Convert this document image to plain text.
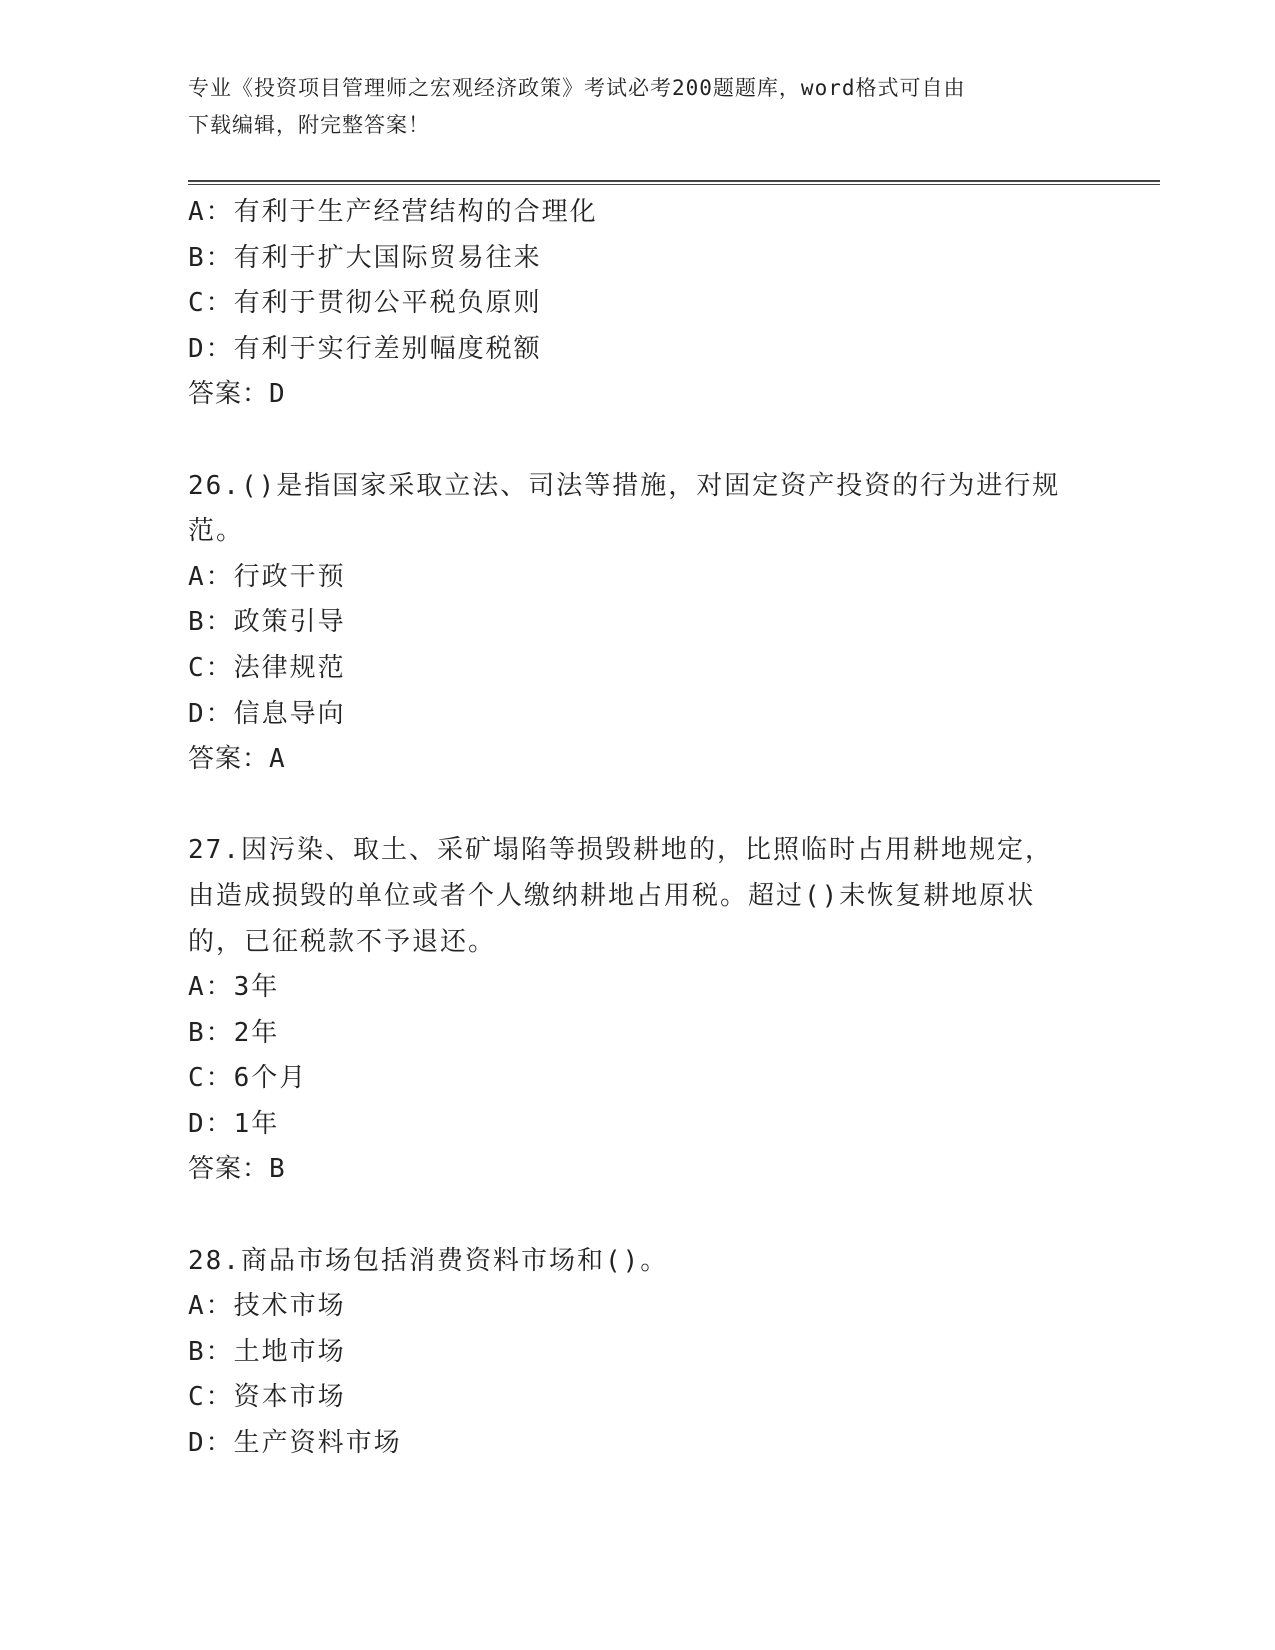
专业《投资项目管理师之宏观经济政策》考试必考200题题库，word格式可自由
下载编辑，附完整答案！
A：有利于生产经营结构的合理化
B：有利于扩大国际贸易往来
C：有利于贯彻公平税负原则
D：有利于实行差别幅度税额
答案：D
26.()是指国家采取立法、司法等措施，对固定资产投资的行为进行规
范。
A：行政干预
B：政策引导
C：法律规范
D：信息导向
答案：A
27.因污染、取土、采矿塌陷等损毁耕地的，比照临时占用耕地规定，
由造成损毁的单位或者个人缴纳耕地占用税。超过()未恢复耕地原状
的，已征税款不予退还。
A：3年
B：2年
C：6个月
D：1年
答案：B
28.商品市场包括消费资料市场和()。
A：技术市场
B：土地市场
C：资本市场
D：生产资料市场
